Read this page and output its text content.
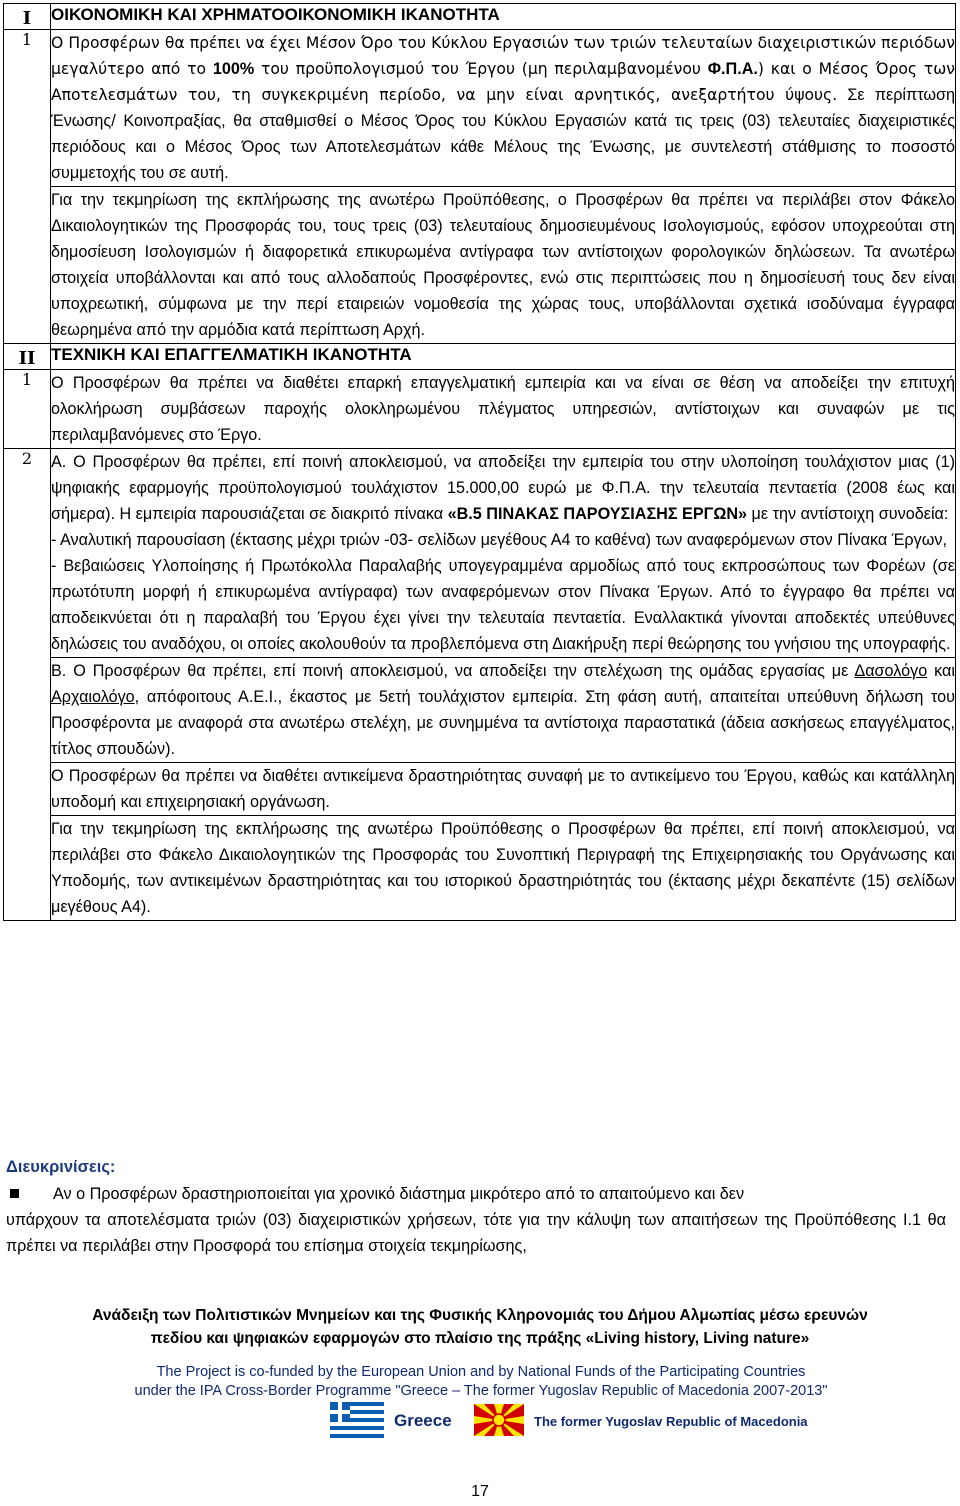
I	ΟΙΚΟΝΟΜΙΚΗ ΚΑΙ ΧΡΗΜΑΤΟΟΙΚΟΝΟΜΙΚΗ ΙΚΑΝΟΤΗΤΑ
1	Ο Προσφέρων θα πρέπει να έχει Μέσον Όρο του Κύκλου Εργασιών των τριών τελευταίων διαχειριστικών περιόδων μεγαλύτερο από το 100% του προϋπολογισμού του Έργου (μη περιλαμβανομένου Φ.Π.Α.) και ο Μέσος Όρος των Αποτελεσμάτων του, τη συγκεκριμένη περίοδο, να μην είναι αρνητικός, ανεξαρτήτου ύψους. Σε περίπτωση Ένωσης/ Κοινοπραξίας, θα σταθμισθεί ο Μέσος Όρος του Κύκλου Εργασιών κατά τις τρεις (03) τελευταίες διαχειριστικές περιόδους και ο Μέσος Όρος των Αποτελεσμάτων κάθε Μέλους της Ένωσης, με συντελεστή στάθμισης το ποσοστό συμμετοχής του σε αυτή.

	Για την τεκμηρίωση της εκπλήρωσης της ανωτέρω Προϋπόθεσης, ο Προσφέρων θα πρέπει να περιλάβει στον Φάκελο Δικαιολογητικών της Προσφοράς του, τους τρεις (03) τελευταίους δημοσιευμένους Ισολογισμούς, εφόσον υποχρεούται στη δημοσίευση Ισολογισμών ή διαφορετικά επικυρωμένα αντίγραφα των αντίστοιχων φορολογικών δηλώσεων. Τα ανωτέρω στοιχεία υποβάλλονται και από τους αλλοδαπούς Προσφέροντες, ενώ στις περιπτώσεις που η δημοσίευσή τους δεν είναι υποχρεωτική, σύμφωνα με την περί εταιρειών νομοθεσία της χώρας τους, υποβάλλονται σχετικά ισοδύναμα έγγραφα θεωρημένα από την αρμόδια κατά περίπτωση Αρχή.

II	ΤΕΧΝΙΚΗ ΚΑΙ ΕΠΑΓΓΕΛΜΑΤΙΚΗ ΙΚΑΝΟΤΗΤΑ
1	Ο Προσφέρων θα πρέπει να διαθέτει επαρκή επαγγελματική εμπειρία και να είναι σε θέση να αποδείξει την επιτυχή ολοκλήρωση συμβάσεων παροχής ολοκληρωμένου πλέγματος υπηρεσιών, αντίστοιχων και συναφών με τις περιλαμβανόμενες στο Έργο.

2	Α. Ο Προσφέρων θα πρέπει, επί ποινή αποκλεισμού, να αποδείξει την εμπειρία του στην υλοποίηση τουλάχιστον μιας (1) ψηφιακής εφαρμογής προϋπολογισμού τουλάχιστον 15.000,00 ευρώ με Φ.Π.Α. την τελευταία πενταετία (2008 έως και σήμερα). Η εμπειρία παρουσιάζεται σε διακριτό πίνακα «Β.5 ΠΙΝΑΚΑΣ ΠΑΡΟΥΣΙΑΣΗΣ ΕΡΓΩΝ» με την αντίστοιχη συνοδεία:

- Αναλυτική παρουσίαση (έκτασης μέχρι τριών -03- σελίδων μεγέθους Α4 το καθένα) των αναφερόμενων στον Πίνακα Έργων,

- Βεβαιώσεις Υλοποίησης ή Πρωτόκολλα Παραλαβής υπογεγραμμένα αρμοδίως από τους εκπροσώπους των Φορέων (σε πρωτότυπη μορφή ή επικυρωμένα αντίγραφα) των αναφερόμενων στον Πίνακα Έργων. Από το έγγραφο θα πρέπει να αποδεικνύεται ότι η παραλαβή του Έργου έχει γίνει την τελευταία πενταετία. Εναλλακτικά γίνονται αποδεκτές υπεύθυνες δηλώσεις του αναδόχου, οι οποίες ακολουθούν τα προβλεπόμενα στη Διακήρυξη περί θεώρησης του γνήσιου της υπογραφής.

	Β. Ο Προσφέρων θα πρέπει, επί ποινή αποκλεισμού, να αποδείξει την στελέχωση της ομάδας εργασίας με Δασολόγο και Αρχαιολόγο, απόφοιτους Α.Ε.Ι., έκαστος με 5ετή τουλάχιστον εμπειρία. Στη φάση αυτή, απαιτείται υπεύθυνη δήλωση του Προσφέροντα με αναφορά στα ανωτέρω στελέχη, με συνημμένα τα αντίστοιχα παραστατικά (άδεια ασκήσεως επαγγέλματος, τίτλος σπουδών).

	Ο Προσφέρων θα πρέπει να διαθέτει αντικείμενα δραστηριότητας συναφή με το αντικείμενο του Έργου, καθώς και κατάλληλη υποδομή και επιχειρησιακή οργάνωση.

	Για την τεκμηρίωση της εκπλήρωσης της ανωτέρω Προϋπόθεσης ο Προσφέρων θα πρέπει, επί ποινή αποκλεισμού, να περιλάβει στο Φάκελο Δικαιολογητικών της Προσφοράς του Συνοπτική Περιγραφή της Επιχειρησιακής του Οργάνωσης και Υποδομής, των αντικειμένων δραστηριότητας και του ιστορικού δραστηριότητάς του (έκτασης μέχρι δεκαπέντε (15) σελίδων μεγέθους Α4).

Διευκρινίσεις:
Αν ο Προσφέρων δραστηριοποιείται για χρονικό διάστημα μικρότερο από το απαιτούμενο και δεν

υπάρχουν τα αποτελέσματα τριών (03) διαχειριστικών χρήσεων, τότε για την κάλυψη των απαιτήσεων της Προϋπόθεσης Ι.1 θα πρέπει να περιλάβει στην Προσφορά του επίσημα στοιχεία τεκμηρίωσης,

Ανάδειξη των Πολιτιστικών Μνημείων και της Φυσικής Κληρονομιάς του Δήμου Αλμωπίας μέσω ερευνών
πεδίου και ψηφιακών εφαρμογών στο πλαίσιο της πράξης «Living history, Living nature»
The Project is co-funded by the European Union and by National Funds of the Participating Countries
under the IPA Cross-Border Programme "Greece – The former Yugoslav Republic of Macedonia 2007-2013"
Greece	The former Yugoslav Republic of Macedonia
17
